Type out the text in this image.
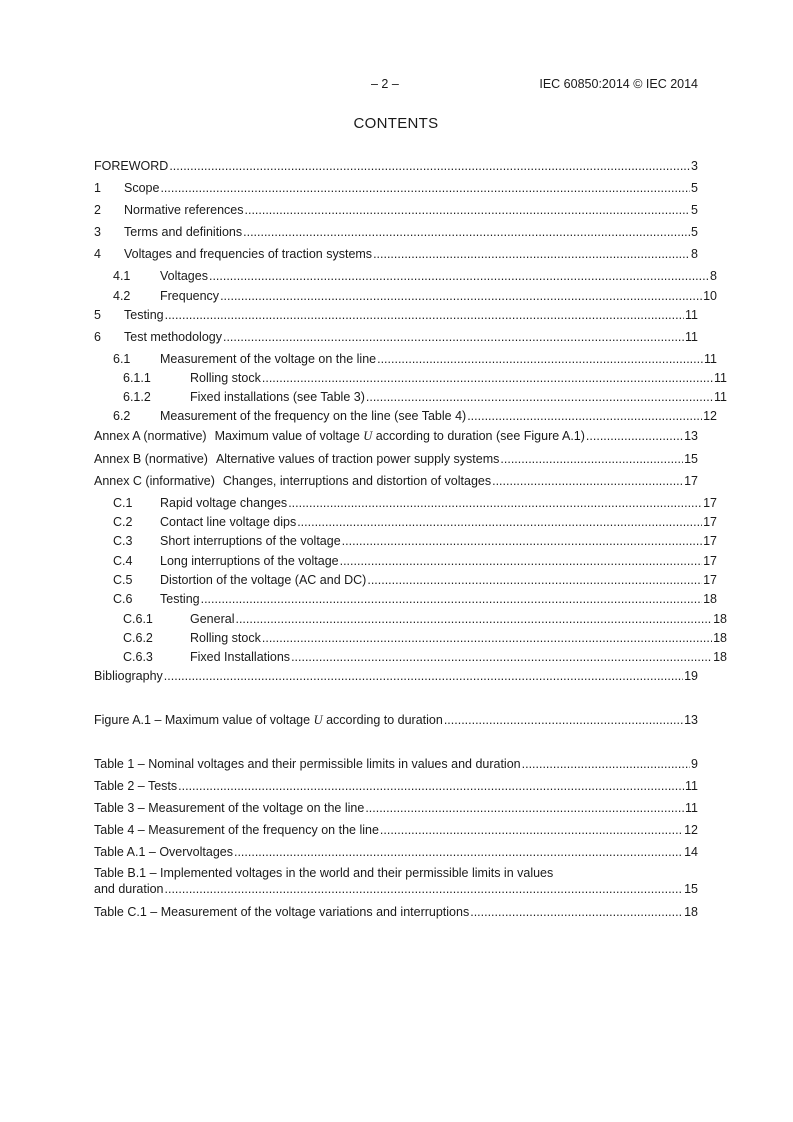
– 2 –	IEC 60850:2014 © IEC 2014
CONTENTS
FOREWORD .....	3
1	Scope .....	5
2	Normative references .....	5
3	Terms and definitions .....	5
4	Voltages and frequencies of traction systems .....	8
4.1	Voltages .....	8
4.2	Frequency .....	10
5	Testing .....	11
6	Test methodology .....	11
6.1	Measurement of the voltage on the line .....	11
6.1.1	Rolling stock .....	11
6.1.2	Fixed installations (see Table 3) .....	11
6.2	Measurement of the frequency on the line (see Table 4) .....	12
Annex A (normative) Maximum value of voltage U according to duration (see Figure A.1) .....	13
Annex B (normative) Alternative values of traction power supply systems .....	15
Annex C (informative) Changes, interruptions and distortion of voltages .....	17
C.1	Rapid voltage changes .....	17
C.2	Contact line voltage dips .....	17
C.3	Short interruptions of the voltage .....	17
C.4	Long interruptions of the voltage .....	17
C.5	Distortion of the voltage (AC and DC) .....	17
C.6	Testing .....	18
C.6.1	General .....	18
C.6.2	Rolling stock .....	18
C.6.3	Fixed Installations .....	18
Bibliography .....	19
Figure A.1 – Maximum value of voltage U according to duration .....	13
Table 1 – Nominal voltages and their permissible limits in values and duration .....	9
Table 2 – Tests .....	11
Table 3 – Measurement of the voltage on the line .....	11
Table 4 – Measurement of the frequency on the line .....	12
Table A.1 – Overvoltages .....	14
Table B.1 – Implemented voltages in the world and their permissible limits in values
and duration .....	15
Table C.1 – Measurement of the voltage variations and interruptions .....	18
